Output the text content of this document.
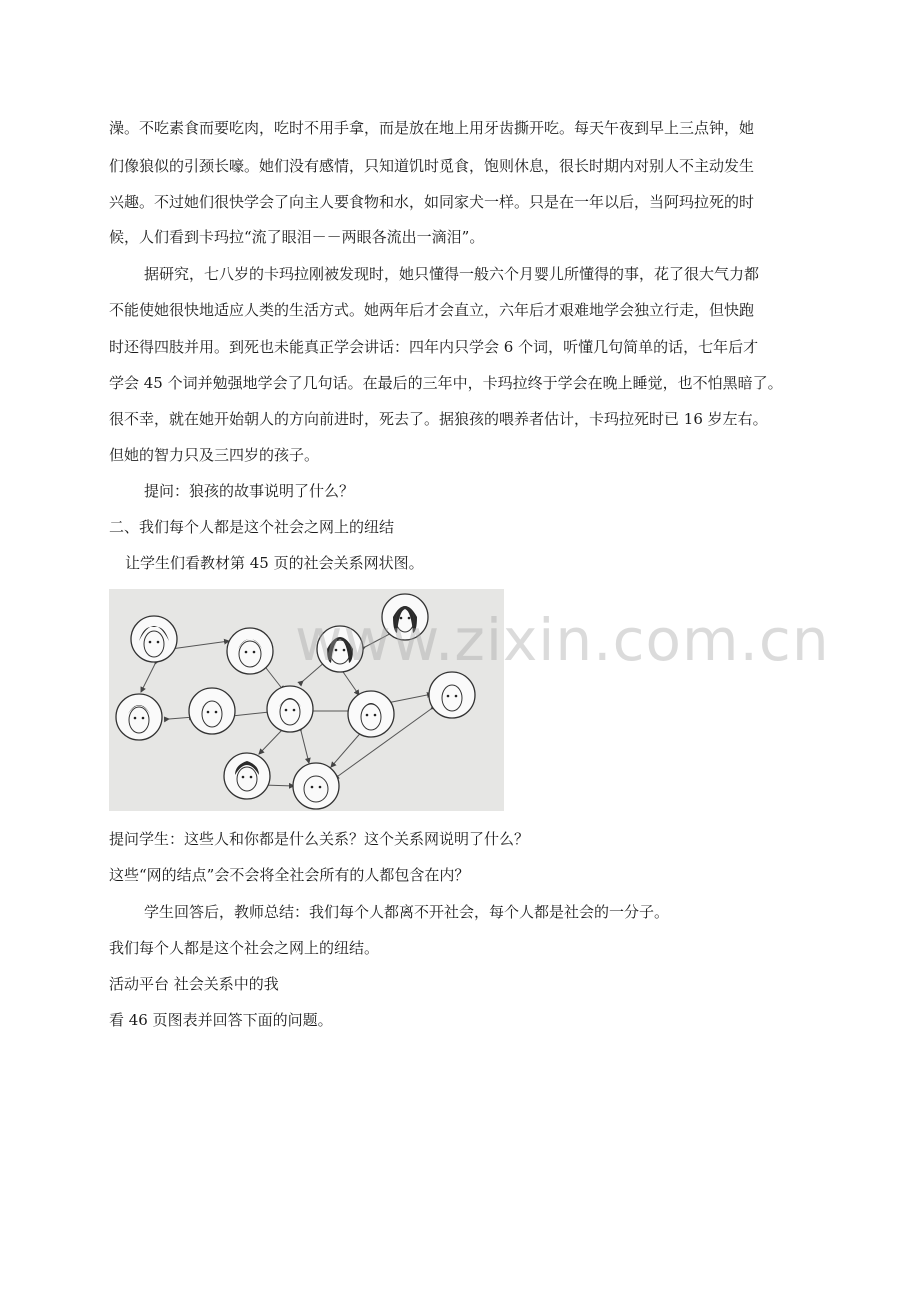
澡。不吃素食而要吃肉，吃时不用手拿，而是放在地上用牙齿撕开吃。每天午夜到早上三点钟，她
们像狼似的引颈长嚎。她们没有感情，只知道饥时觅食，饱则休息，很长时期内对别人不主动发生
兴趣。不过她们很快学会了向主人要食物和水，如同家犬一样。只是在一年以后，当阿玛拉死的时
候，人们看到卡玛拉“流了眼泪－－两眼各流出一滴泪”。
据研究，七八岁的卡玛拉刚被发现时，她只懂得一般六个月婴儿所懂得的事，花了很大气力都
不能使她很快地适应人类的生活方式。她两年后才会直立，六年后才艰难地学会独立行走，但快跑
时还得四肢并用。到死也未能真正学会讲话：四年内只学会 6 个词，听懂几句简单的话，七年后才
学会 45 个词并勉强地学会了几句话。在最后的三年中，卡玛拉终于学会在晚上睡觉，也不怕黑暗了。
很不幸，就在她开始朝人的方向前进时，死去了。据狼孩的喂养者估计，卡玛拉死时已 16 岁左右。
但她的智力只及三四岁的孩子。
提问：狼孩的故事说明了什么？
二、我们每个人都是这个社会之网上的纽结
让学生们看教材第 45 页的社会关系网状图。
www.zixin.com.cn
提问学生：这些人和你都是什么关系？这个关系网说明了什么？
这些“网的结点”会不会将全社会所有的人都包含在内？
学生回答后，教师总结：我们每个人都离不开社会，每个人都是社会的一分子。
我们每个人都是这个社会之网上的纽结。
活动平台 社会关系中的我
看 46 页图表并回答下面的问题。
